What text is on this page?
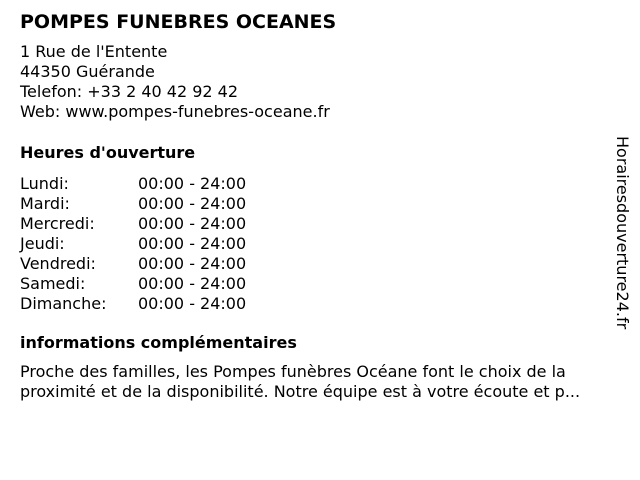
POMPES FUNEBRES OCEANES
1 Rue de l'Entente
44350 Guérande
Telefon: +33 2 40 42 92 42
Web: www.pompes-funebres-oceane.fr
Heures d'ouverture
Lundi:	00:00 - 24:00
Mardi:	00:00 - 24:00
Mercredi:	00:00 - 24:00
Jeudi:	00:00 - 24:00
Vendredi:	00:00 - 24:00
Samedi:	00:00 - 24:00
Dimanche:	00:00 - 24:00
informations complémentaires
Proche des familles, les Pompes funèbres Océane font le choix de la
proximité et de la disponibilité. Notre équipe est à votre écoute et p...
Horairesdouverture24.fr
